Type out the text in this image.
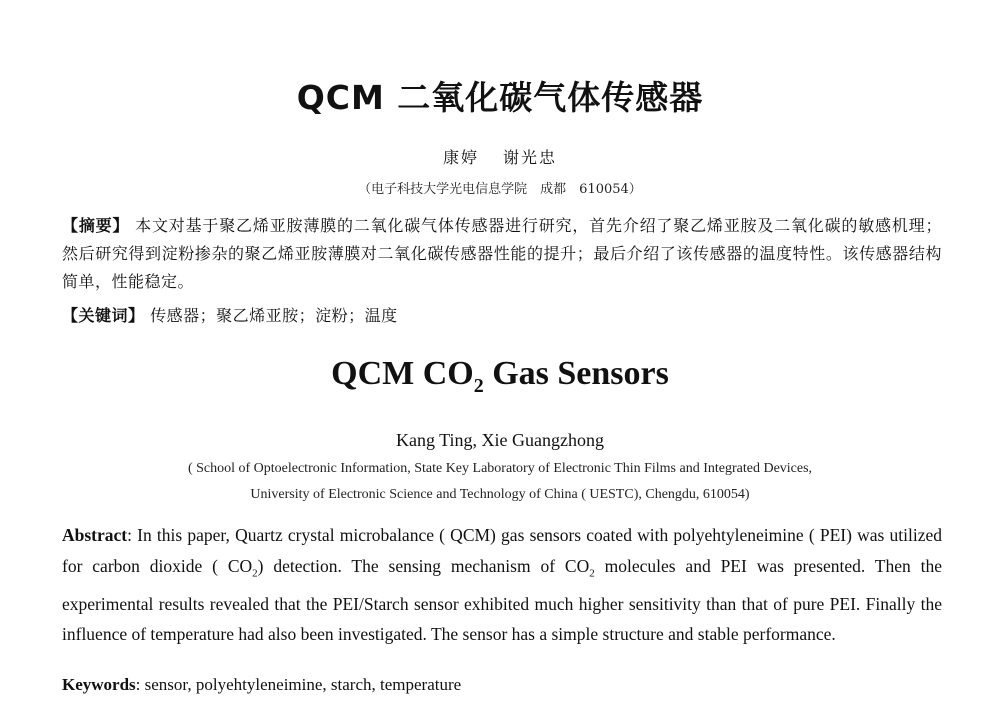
QCM 二氧化碳气体传感器
康婷 谢光忠
（电子科技大学光电信息学院　成都　610054）
【摘要】 本文对基于聚乙烯亚胺薄膜的二氧化碳气体传感器进行研究，首先介绍了聚乙烯亚胺及二氧化碳的敏感机理；然后研究得到淀粉掺杂的聚乙烯亚胺薄膜对二氧化碳传感器性能的提升；最后介绍了该传感器的温度特性。该传感器结构简单，性能稳定。
【关键词】 传感器；聚乙烯亚胺；淀粉；温度
QCM $CO_2$ Gas Sensors
Kang Ting, Xie Guangzhong
( School of Optoelectronic Information, State Key Laboratory of Electronic Thin Films and Integrated Devices,
University of Electronic Science and Technology of China ( UESTC), Chengdu, 610054)
Abstract: In this paper, Quartz crystal microbalance ( QCM) gas sensors coated with polyehtyleneimine ( PEI) was utilized for carbon dioxide ( $CO_2$) detection. The sensing mechanism of $CO_2$ molecules and PEI was presented. Then the experimental results revealed that the PEI/Starch sensor exhibited much higher sensitivity than that of pure PEI. Finally the influence of temperature had also been investigated. The sensor has a simple structure and stable performance.
Keywords: sensor, polyehtyleneimine, starch, temperature
